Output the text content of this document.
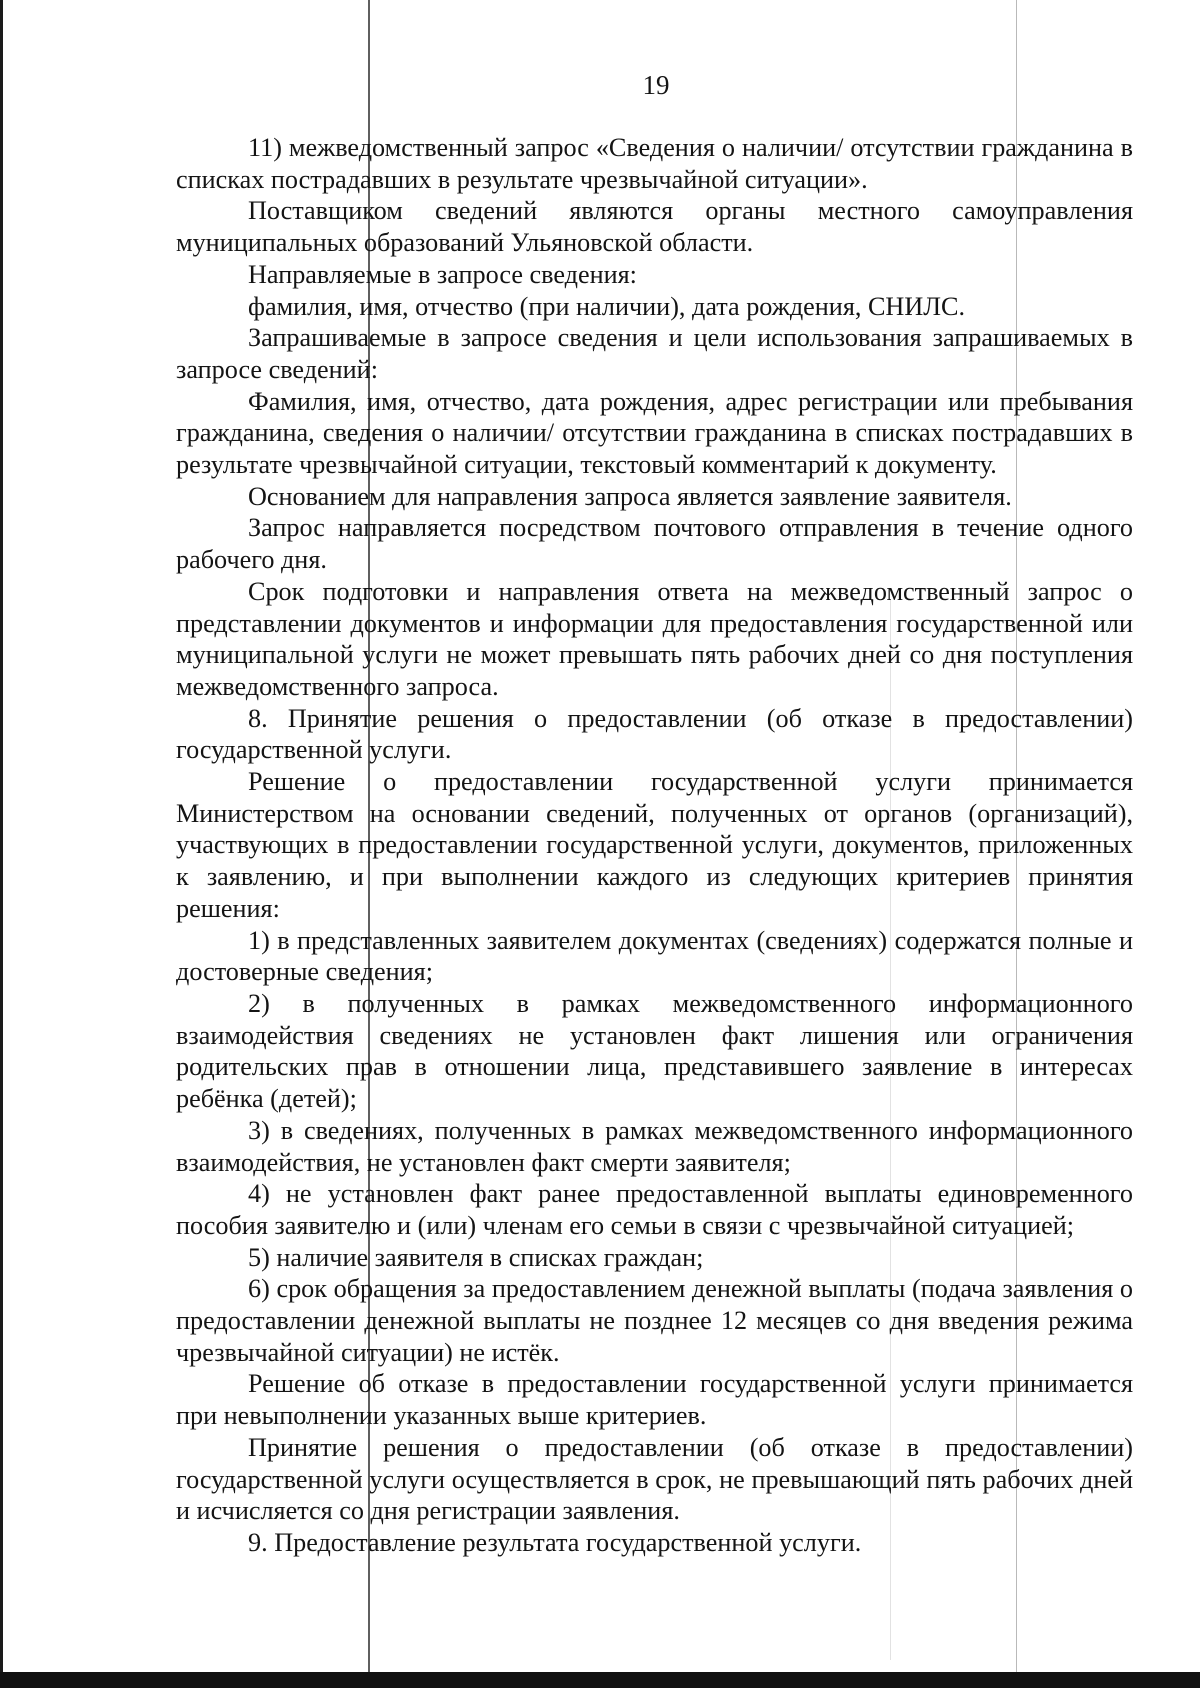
19

11) межведомственный запрос «Сведения о наличии/ отсутствии гражданина в списках пострадавших в результате чрезвычайной ситуации».

Поставщиком сведений являются органы местного самоуправления муниципальных образований Ульяновской области.

Направляемые в запросе сведения:

фамилия, имя, отчество (при наличии), дата рождения, СНИЛС.

Запрашиваемые в запросе сведения и цели использования запрашиваемых в запросе сведений:

Фамилия, имя, отчество, дата рождения, адрес регистрации или пребывания гражданина, сведения о наличии/ отсутствии гражданина в списках пострадавших в результате чрезвычайной ситуации, текстовый комментарий к документу.

Основанием для направления запроса является заявление заявителя.

Запрос направляется посредством почтового отправления в течение одного рабочего дня.

Срок подготовки и направления ответа на межведомственный запрос о представлении документов и информации для предоставления государственной или муниципальной услуги не может превышать пять рабочих дней со дня поступления межведомственного запроса.

8. Принятие решения о предоставлении (об отказе в предоставлении) государственной услуги.

Решение о предоставлении государственной услуги принимается Министерством на основании сведений, полученных от органов (организаций), участвующих в предоставлении государственной услуги, документов, приложенных к заявлению, и при выполнении каждого из следующих критериев принятия решения:

1) в представленных заявителем документах (сведениях) содержатся полные и достоверные сведения;

2) в полученных в рамках межведомственного информационного взаимодействия сведениях не установлен факт лишения или ограничения родительских прав в отношении лица, представившего заявление в интересах ребёнка (детей);

3) в сведениях, полученных в рамках межведомственного информационного взаимодействия, не установлен факт смерти заявителя;

4) не установлен факт ранее предоставленной выплаты единовременного пособия заявителю и (или) членам его семьи в связи с чрезвычайной ситуацией;

5) наличие заявителя в списках граждан;

6) срок обращения за предоставлением денежной выплаты (подача заявления о предоставлении денежной выплаты не позднее 12 месяцев со дня введения режима чрезвычайной ситуации) не истёк.

Решение об отказе в предоставлении государственной услуги принимается при невыполнении указанных выше критериев.

Принятие решения о предоставлении (об отказе в предоставлении) государственной услуги осуществляется в срок, не превышающий пять рабочих дней и исчисляется со дня регистрации заявления.

9. Предоставление результата государственной услуги.
